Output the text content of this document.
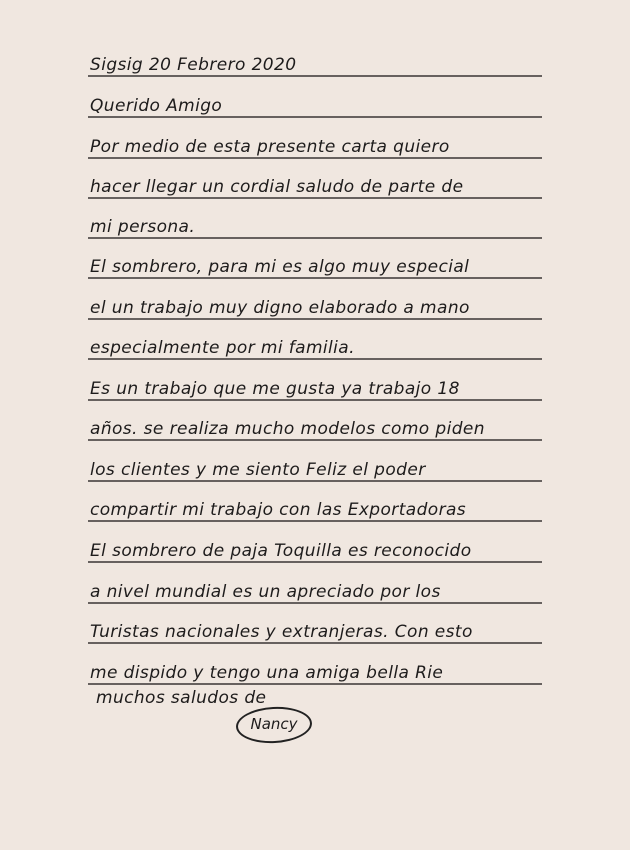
Sigsig 20 Febrero 2020
Querido Amigo
Por medio de esta presente carta quiero
hacer llegar un cordial saludo de parte de
mi persona.
El sombrero, para mi es algo muy especial
el un trabajo muy digno elaborado a mano
especialmente por mi familia.
Es un trabajo que me gusta ya trabajo 18
años. se realiza mucho modelos como piden
los clientes y me siento Feliz el poder
compartir mi trabajo con las Exportadoras
El sombrero de paja Toquilla es reconocido
a nivel mundial es un apreciado por los
Turistas nacionales y extranjeras. Con esto
me dispido y tengo una amiga bella Rie
muchos saludos de
Nancy
